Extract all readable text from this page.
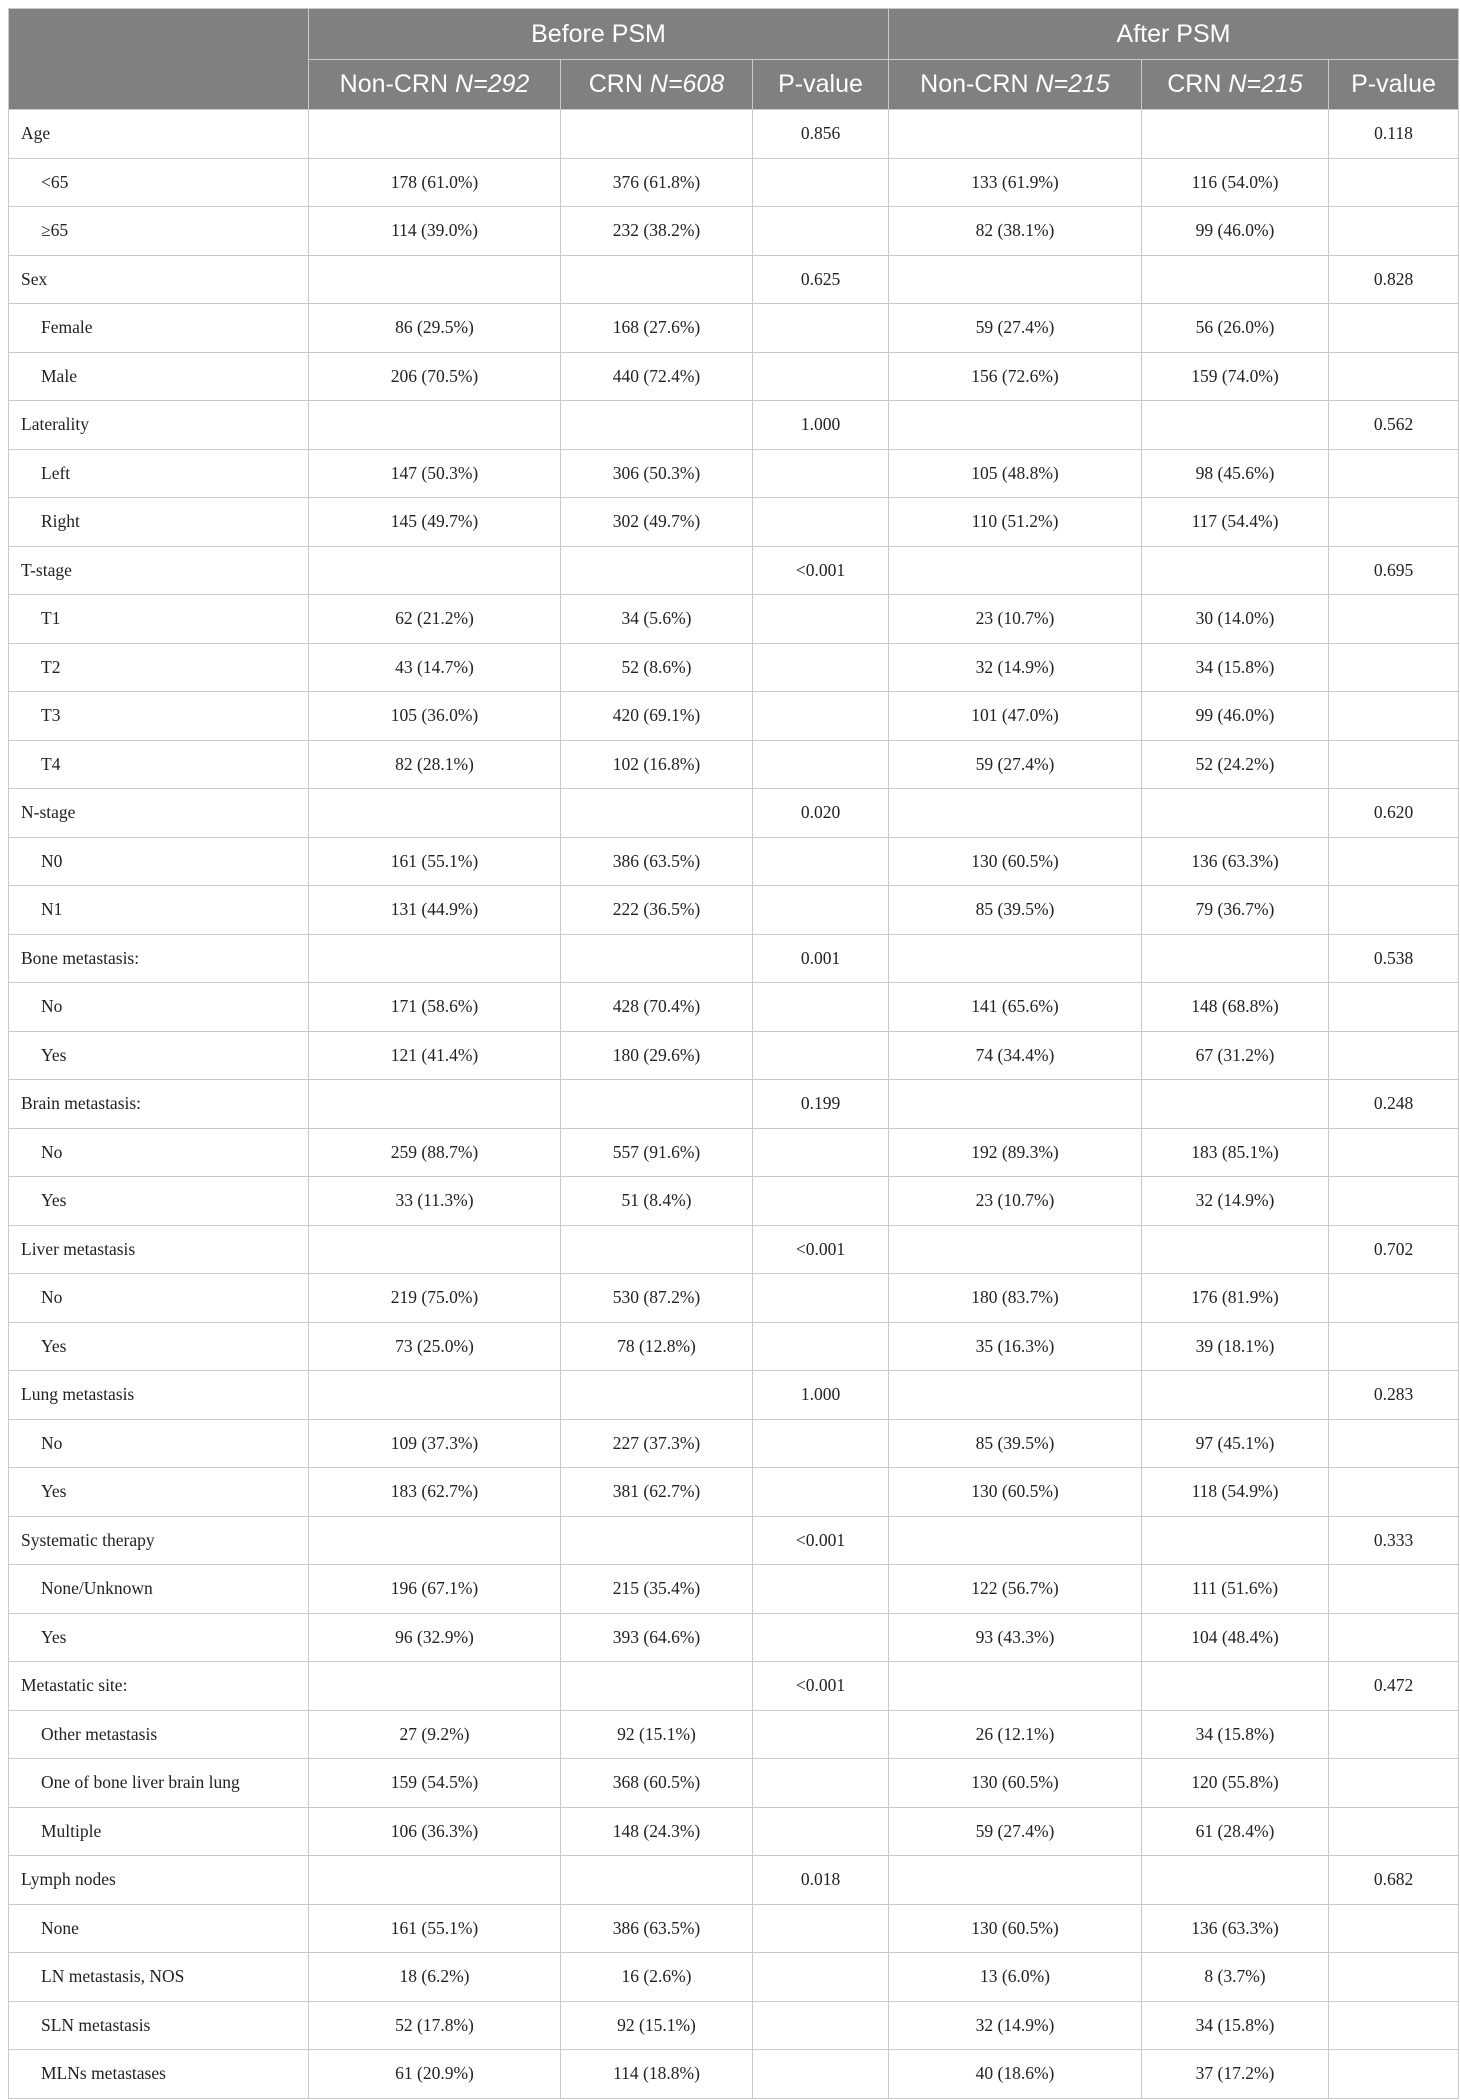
	Before PSM			After PSM		
	Non-CRN N=292	CRN N=608	P-value	Non-CRN N=215	CRN N=215	P-value
Age			0.856			0.118
<65	178 (61.0%)	376 (61.8%)		133 (61.9%)	116 (54.0%)	
≥65	114 (39.0%)	232 (38.2%)		82 (38.1%)	99 (46.0%)	
Sex			0.625			0.828
Female	86 (29.5%)	168 (27.6%)		59 (27.4%)	56 (26.0%)	
Male	206 (70.5%)	440 (72.4%)		156 (72.6%)	159 (74.0%)	
Laterality			1.000			0.562
Left	147 (50.3%)	306 (50.3%)		105 (48.8%)	98 (45.6%)	
Right	145 (49.7%)	302 (49.7%)		110 (51.2%)	117 (54.4%)	
T-stage			<0.001			0.695
T1	62 (21.2%)	34 (5.6%)		23 (10.7%)	30 (14.0%)	
T2	43 (14.7%)	52 (8.6%)		32 (14.9%)	34 (15.8%)	
T3	105 (36.0%)	420 (69.1%)		101 (47.0%)	99 (46.0%)	
T4	82 (28.1%)	102 (16.8%)		59 (27.4%)	52 (24.2%)	
N-stage			0.020			0.620
N0	161 (55.1%)	386 (63.5%)		130 (60.5%)	136 (63.3%)	
N1	131 (44.9%)	222 (36.5%)		85 (39.5%)	79 (36.7%)	
Bone metastasis:			0.001			0.538
No	171 (58.6%)	428 (70.4%)		141 (65.6%)	148 (68.8%)	
Yes	121 (41.4%)	180 (29.6%)		74 (34.4%)	67 (31.2%)	
Brain metastasis:			0.199			0.248
No	259 (88.7%)	557 (91.6%)		192 (89.3%)	183 (85.1%)	
Yes	33 (11.3%)	51 (8.4%)		23 (10.7%)	32 (14.9%)	
Liver metastasis			<0.001			0.702
No	219 (75.0%)	530 (87.2%)		180 (83.7%)	176 (81.9%)	
Yes	73 (25.0%)	78 (12.8%)		35 (16.3%)	39 (18.1%)	
Lung metastasis			1.000			0.283
No	109 (37.3%)	227 (37.3%)		85 (39.5%)	97 (45.1%)	
Yes	183 (62.7%)	381 (62.7%)		130 (60.5%)	118 (54.9%)	
Systematic therapy			<0.001			0.333
None/Unknown	196 (67.1%)	215 (35.4%)		122 (56.7%)	111 (51.6%)	
Yes	96 (32.9%)	393 (64.6%)		93 (43.3%)	104 (48.4%)	
Metastatic site:			<0.001			0.472
Other metastasis	27 (9.2%)	92 (15.1%)		26 (12.1%)	34 (15.8%)	
One of bone liver brain lung	159 (54.5%)	368 (60.5%)		130 (60.5%)	120 (55.8%)	
Multiple	106 (36.3%)	148 (24.3%)		59 (27.4%)	61 (28.4%)	
Lymph nodes			0.018			0.682
None	161 (55.1%)	386 (63.5%)		130 (60.5%)	136 (63.3%)	
LN metastasis, NOS	18 (6.2%)	16 (2.6%)		13 (6.0%)	8 (3.7%)	
SLN metastasis	52 (17.8%)	92 (15.1%)		32 (14.9%)	34 (15.8%)	
MLNs metastases	61 (20.9%)	114 (18.8%)		40 (18.6%)	37 (17.2%)	
